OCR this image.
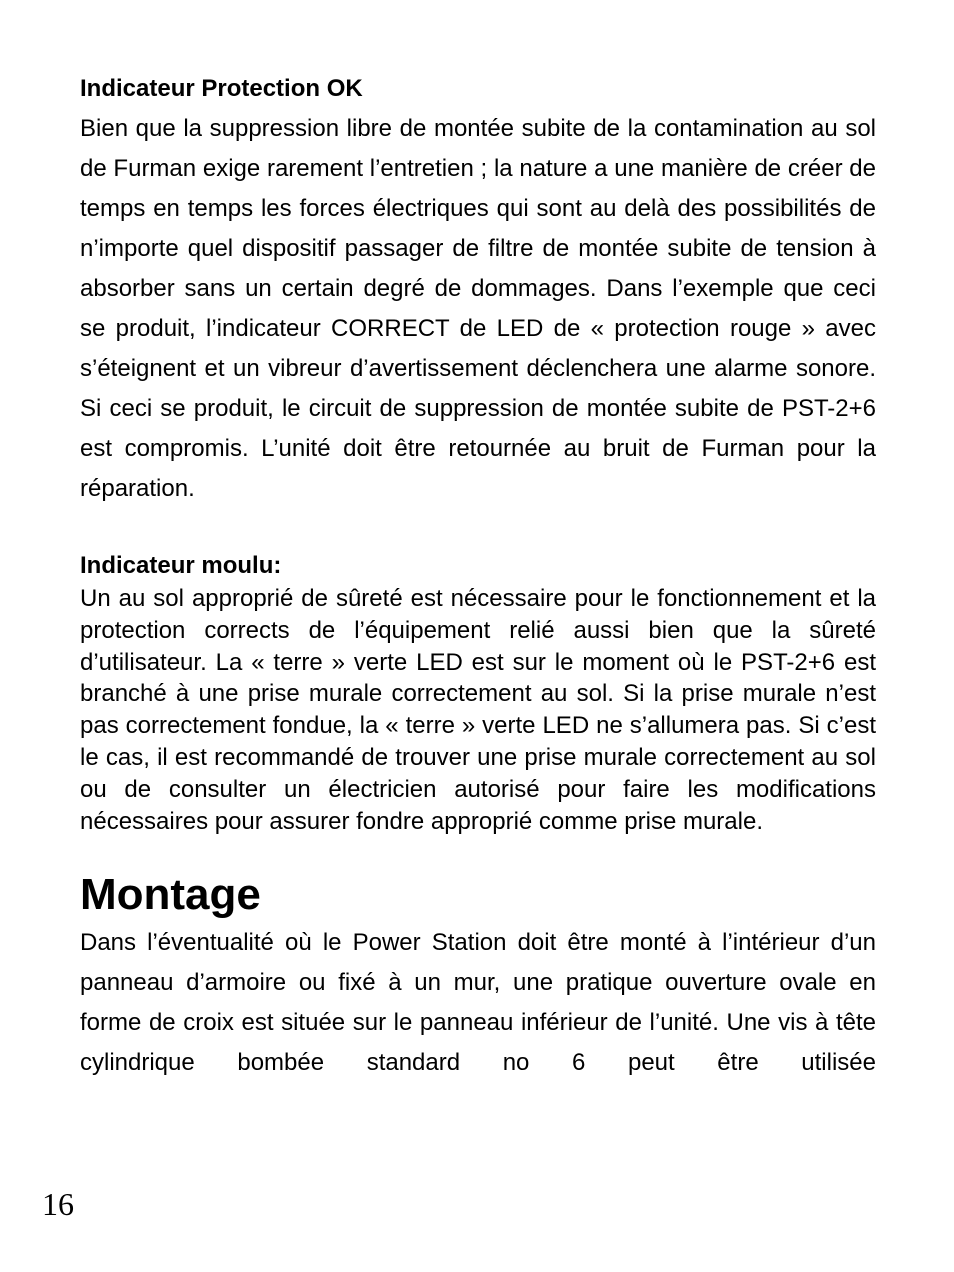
Indicateur Protection OK

Bien que la suppression libre de montée subite de la contamination au sol de Furman exige rarement l’entretien ; la nature a une manière de créer de temps en temps les forces électriques qui sont au delà des possibilités de n’importe quel dispositif passager de filtre de montée subite de tension à absorber sans un certain degré de dommages. Dans l’exemple que ceci se produit, l’indicateur CORRECT de LED de « protection rouge » avec s’éteignent et un vibreur d’avertissement déclenchera une alarme sonore. Si ceci se produit, le circuit de suppression de montée subite de PST-2+6 est compromis. L’unité doit être retournée au bruit de Furman pour la réparation.

Indicateur moulu:

Un au sol approprié de sûreté est nécessaire pour le fonctionnement et la protection corrects de l’équipement relié aussi bien que la sûreté d’utilisateur. La « terre » verte LED est sur le moment où le PST-2+6 est branché à une prise murale correctement au sol. Si la prise murale n’est pas correctement fondue, la « terre » verte LED ne s’allumera pas. Si c’est le cas, il est recommandé de trouver une prise murale correctement au sol ou de consulter un électricien autorisé pour faire les modifications nécessaires pour assurer fondre approprié comme prise murale.

Montage

Dans l’éventualité où le Power Station doit être monté à l’intérieur d’un panneau d’armoire ou fixé à un mur, une pratique ouverture ovale en forme de croix est située sur le panneau inférieur de l’unité. Une vis à tête cylindrique bombée standard no 6 peut être utilisée

16
